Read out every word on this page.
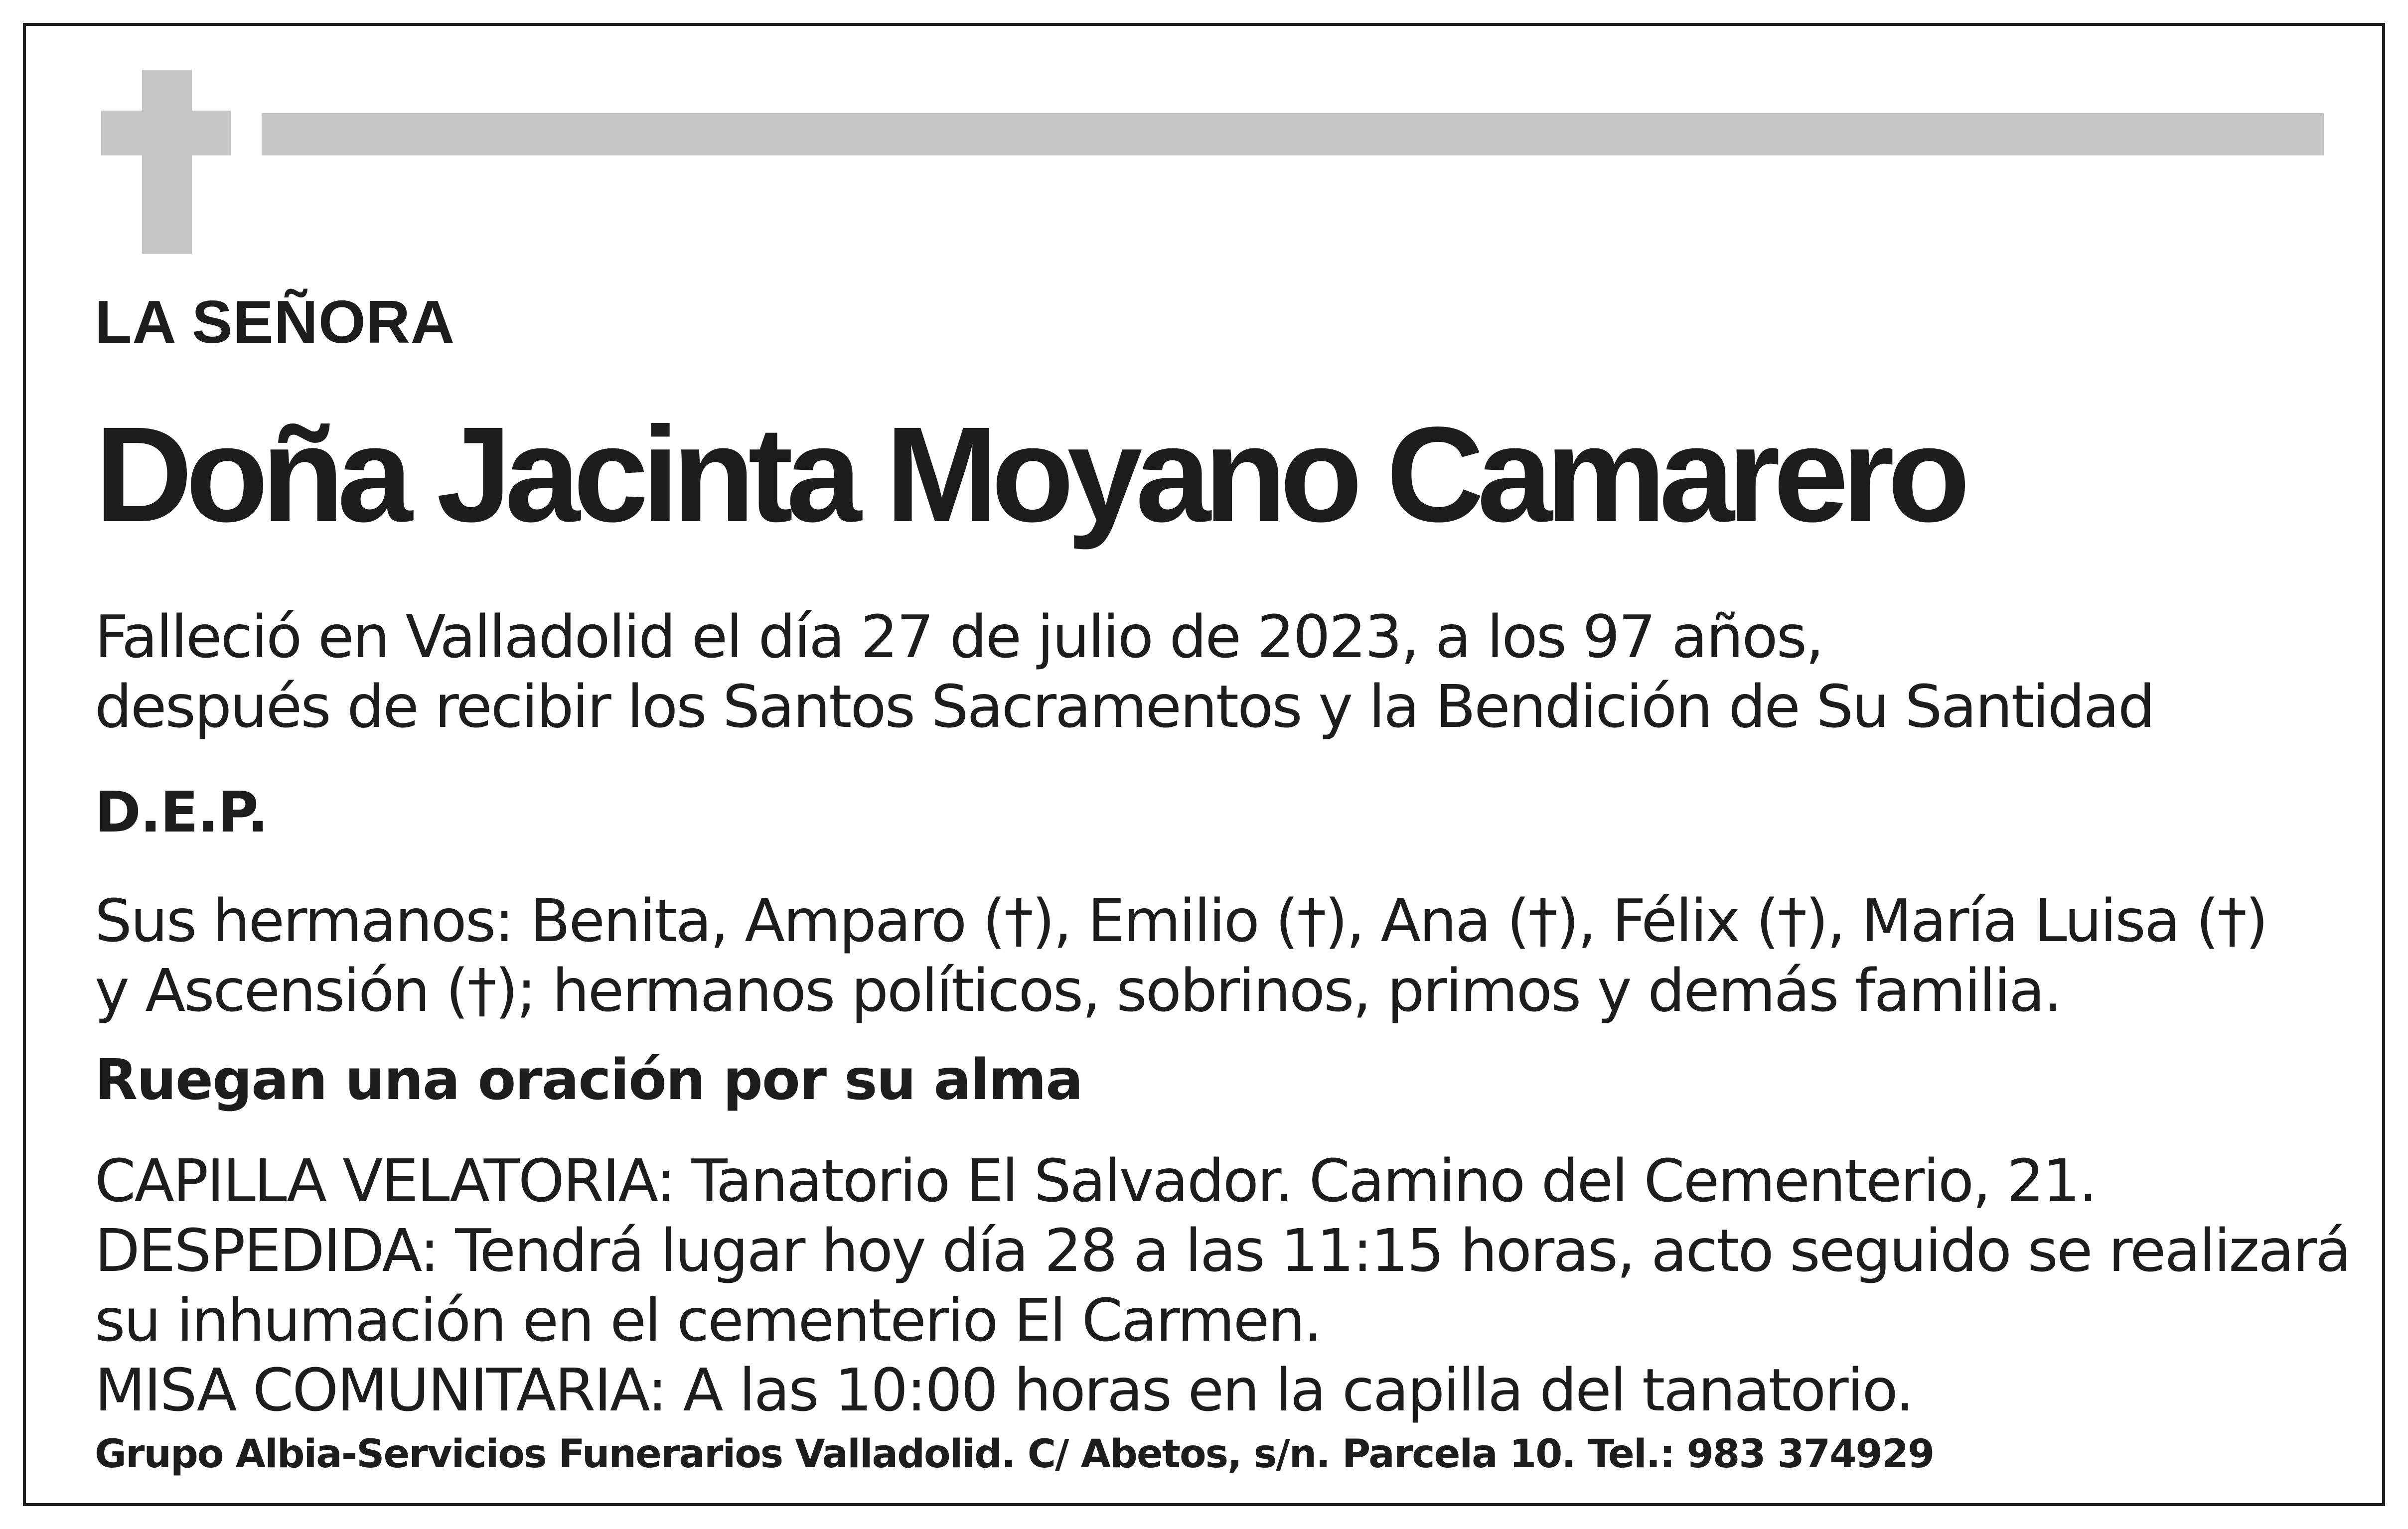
LA SEÑORA
Doña Jacinta Moyano Camarero
Falleció en Valladolid el día 27 de julio de 2023, a los 97 años,
después de recibir los Santos Sacramentos y la Bendición de Su Santidad
D.E.P.
Sus hermanos: Benita, Amparo (†), Emilio (†), Ana (†), Félix (†), María Luisa (†)
y Ascensión (†); hermanos políticos, sobrinos, primos y demás familia.
Ruegan una oración por su alma
CAPILLA VELATORIA: Tanatorio El Salvador. Camino del Cementerio, 21.
DESPEDIDA: Tendrá lugar hoy día 28 a las 11:15 horas, acto seguido se realizará
su inhumación en el cementerio El Carmen.
MISA COMUNITARIA: A las 10:00 horas en la capilla del tanatorio.
Grupo Albia-Servicios Funerarios Valladolid. C/ Abetos, s/n. Parcela 10. Tel.: 983 374929
